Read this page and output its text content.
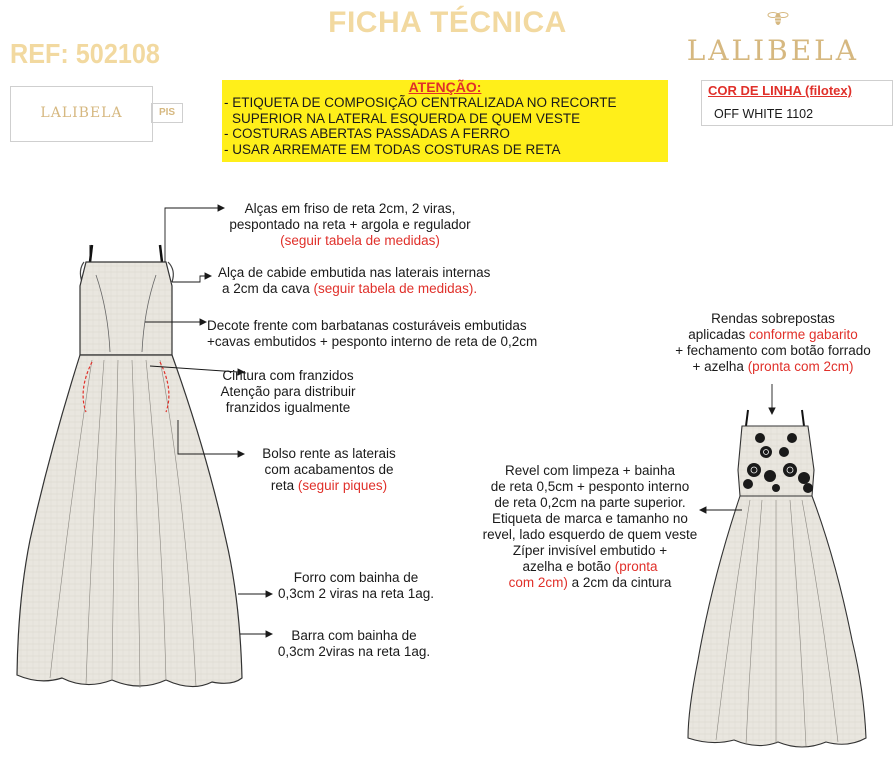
FICHA TÉCNICA
REF: 502108	LALIBELA
LALIBELA	PIS
ATENÇÃO:
- ETIQUETA DE COMPOSIÇÃO CENTRALIZADA NO RECORTE
SUPERIOR NA LATERAL ESQUERDA DE QUEM VESTE
- COSTURAS ABERTAS PASSADAS A FERRO
- USAR ARREMATE EM TODAS COSTURAS DE RETA
COR DE LINHA (filotex)
OFF WHITE 1102
Alças em friso de reta 2cm, 2 viras,
pespontado na reta + argola e regulador
(seguir tabela de medidas)
Alça de cabide embutida nas laterais internas
a 2cm da cava (seguir tabela de medidas).
Decote frente com barbatanas costuráveis embutidas
+cavas embutidos + pesponto interno de reta de 0,2cm
Cintura com franzidos
Atenção para distribuir
franzidos igualmente
Bolso rente as laterais
com acabamentos de
reta (seguir piques)
Forro com bainha de
0,3cm 2 viras na reta 1ag.
Barra com bainha de
0,3cm 2viras na reta 1ag.
Rendas sobrepostas
aplicadas conforme gabarito
+ fechamento com botão forrado
+ azelha (pronta com 2cm)
Revel com limpeza + bainha
de reta 0,5cm + pesponto interno
de reta 0,2cm na parte superior.
Etiqueta de marca e tamanho no
revel, lado esquerdo de quem veste
Zíper invisível embutido +
azelha e botão (pronta
com 2cm) a 2cm da cintura
